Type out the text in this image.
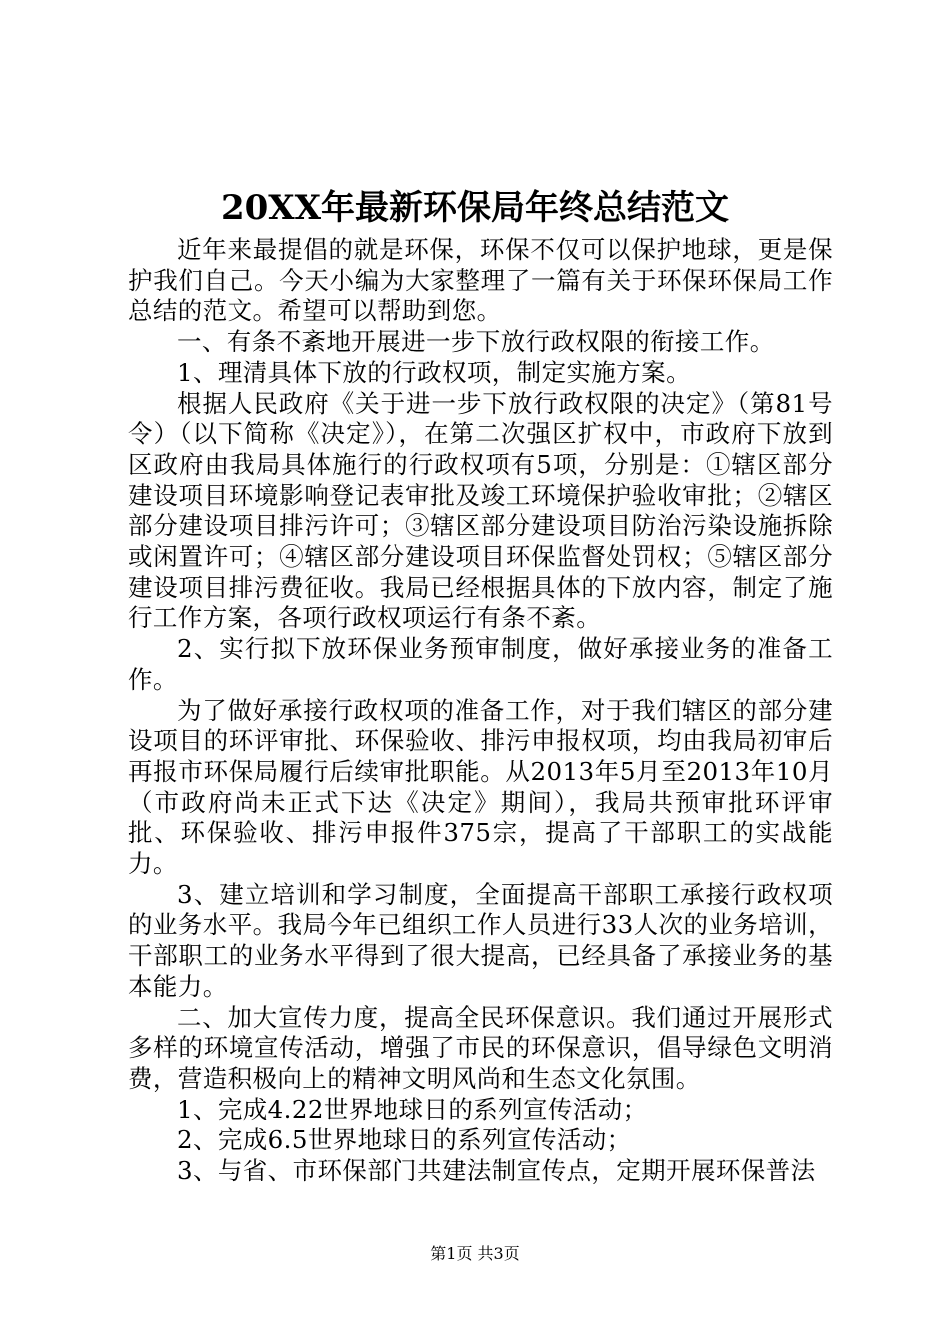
20XX年最新环保局年终总结范文

近年来最提倡的就是环保，环保不仅可以保护地球，更是保护我们自己。今天小编为大家整理了一篇有关于环保环保局工作总结的范文。希望可以帮助到您。

一、有条不紊地开展进一步下放行政权限的衔接工作。

1、理清具体下放的行政权项，制定实施方案。

根据人民政府《关于进一步下放行政权限的决定》（第81号令）（以下简称《决定》），在第二次强区扩权中，市政府下放到区政府由我局具体施行的行政权项有5项，分别是：①辖区部分建设项目环境影响登记表审批及竣工环境保护验收审批；②辖区部分建设项目排污许可；③辖区部分建设项目防治污染设施拆除或闲置许可；④辖区部分建设项目环保监督处罚权；⑤辖区部分建设项目排污费征收。我局已经根据具体的下放内容，制定了施行工作方案，各项行政权项运行有条不紊。

2、实行拟下放环保业务预审制度，做好承接业务的准备工作。

为了做好承接行政权项的准备工作，对于我们辖区的部分建设项目的环评审批、环保验收、排污申报权项，均由我局初审后再报市环保局履行后续审批职能。从2013年5月至2013年10月（市政府尚未正式下达《决定》期间），我局共预审批环评审批、环保验收、排污申报件375宗，提高了干部职工的实战能力。

3、建立培训和学习制度，全面提高干部职工承接行政权项的业务水平。我局今年已组织工作人员进行33人次的业务培训，干部职工的业务水平得到了很大提高，已经具备了承接业务的基本能力。

二、加大宣传力度，提高全民环保意识。我们通过开展形式多样的环境宣传活动，增强了市民的环保意识，倡导绿色文明消费，营造积极向上的精神文明风尚和生态文化氛围。

1、完成4.22世界地球日的系列宣传活动；

2、完成6.5世界地球日的系列宣传活动；

3、与省、市环保部门共建法制宣传点，定期开展环保普法

第1页 共3页
